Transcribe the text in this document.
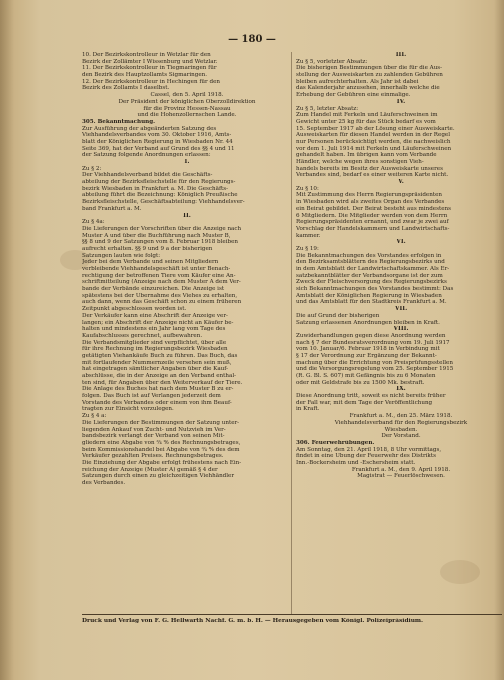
— 180 —
10. Der Bezirkskontrolleur in Wetzlar für den
Bezirk der Zollämter I Wissenburg und Wetzlar.
11. Der Bezirkskontrolleur in Tiegmaringen für
den Bezirk des Hauptzollamts Sigmaringen.
12. Der Bezirkskontrolleur in Hechingen für den
Bezirk des Zollamts I daselbst.
Cassel, den 5. April 1918.
Der Präsident der königlichen Oberzolldirektion
für die Provinz Hessen-Nassau
und die Hohenzollernschen Lande.
305. Bekanntmachung.
Zur Ausführung der abgeänderten Satzung des
Viehhandelsverbandes vom 30. Oktober 1916, Amts-
blatt der Königlichen Regierung in Wiesbaden Nr. 44
Seite 369, hat der Verband auf Grund des §§ 4 und 11
der Satzung folgende Anordnungen erlassen:
I.
Zu § 2:
Der Viehhandelsverband bildet die Geschäfts-
abteilung der Bezirksfleischstelle für den Regierungs-
bezirk Wiesbaden in Frankfurt a. M. Die Geschäfts-
abteilung führt die Bezeichnung: Königlich Preußische
Bezirksfleischstelle, Geschäftsabteilung: Viehhandelsver-
band Frankfurt a. M.
II.
Zu § 4a:
Die Lieferungen der Vorschriften über die Anzeige nach
Muster A und über die Buchführung nach Muster B,
§§ 8 und 9 der Satzungen vom 8. Februar 1918 bleiben
aufrecht erhalten. §§ 9 und 9 a der bisherigen
Satzungen lauten wie folgt:
Jeder bei dem Verbande und seinen Mitgliedern
verbleibende Viehhandelsgeschäft ist unter Benach-
rechtigung der betroffenen Tiere vom Käufer eine An-
schriftmitteilung (Anzeige nach dem Muster A dem Ver-
bande der Verbände einzureichen. Die Anzeige ist
spätestens bei der Übernahme des Viehes zu erhalten,
auch dann, wenn das Geschäft schon zu einem früheren
Zeitpunkt abgeschlossen worden ist.
Der Verkäufer kann eine Abschrift der Anzeige ver-
langen; ein Abschrift der Anzeige nicht an Käufer be-
halten und mindestens ein Jahr lang vom Tage des
Kaufabschlusses gerechnet, aufbewahren.
Die Verbandsmitglieder sind verpflichtet, über alle
für ihre Rechnung im Regierungsbezirk Wiesbaden
getätigten Viehankäufe Buch zu führen. Das Buch, das
mit fortlaufender Nummernzeile versehen sein muß,
hat eingetragen sämtlicher Angaben über die Kauf-
abschlüsse, die in der Anzeige an den Verband enthal-
ten sind, für Angaben über den Weiterverkauf der Tiere.
Die Anlage des Buches hat nach dem Muster B zu er-
folgen. Das Buch ist auf Verlangen jederzeit dem
Vorstande des Verbandes oder einem von ihm Beauf-
tragten zur Einsicht vorzulegen.
Zu § 4 a:
Die Lieferungen der Bestimmungen der Satzung unter-
liegenden Ankauf von Zucht- und Nutzvieh im Ver-
bandsbezirk verlangt der Verband von seinen Mit-
gliedern eine Abgabe von ¾ % des Rechnungsbetrages,
beim Kommissionshandel bei Abgabe von ¾ % des dem
Verkäufer gezahlten Preises. Rechnungsbetrages.
Die Einziehung der Abgabe erfolgt frühestens nach Ein-
reichung der Anzeige (Muster A) gemäß § 4 der
Satzungen durch einen zu gleichzeitigen Viehhändler
des Verbandes.
III.
Zu § 5, vorletzter Absatz:
Die bisherigen Bestimmungen über die für die Aus-
stellung der Ausweiskarten zu zahlenden Gebühren
bleiben aufrechterhalten. Als Jahr ist dabei
das Kalenderjahr anzusehen, innerhalb welche die
Erhebung der Gebühren eine einmalige.
IV.
Zu § 5, letzter Absatz:
Zum Handel mit Ferkeln und Läuferschweinen im
Gewicht unter 25 kg für das Stück bedarf es vom
15. September 1917 ab der Lösung einer Ausweiskarte.
Ausweiskarten für diesen Handel werden in der Regel
nur Personen berücksichtigt werden, die nachweislich
vor dem 1. Juli 1914 mit Ferkeln und Läuferschweinen
gehandelt haben. Im übrigen kann vom Verbande
Händler, welche wegen ihres sonstigen Vieh-
handels bereits im Besitz der Ausweiskarte unseres
Verbandes sind, bedarf es einer weiteren Karte nicht.
V.
Zu § 10:
Mit Zustimmung des Herrn Regierungspräsidenten
in Wiesbaden wird als zweites Organ des Verbandes
ein Beirat gebildet. Der Beirat besteht aus mindestens
6 Mitgliedern. Die Mitglieder werden von dem Herrn
Regierungspräsidenten ernannt, und zwar je zwei auf
Vorschlag der Handelskammern und Landwirtschafts-
kammer.
VI.
Zu § 19:
Die Bekanntmachungen des Vorstandes erfolgen in
den Bezirksamtsblättern des Regierungsbezirks und
in dem Amtsblatt der Landwirtschaftskammer. Als Er-
satzbekanntblätter der Verbandsorgane ist der zum
Zweck der Fleischversorgung des Regierungsbezirks
sich Bekanntmachungen des Vorstandes bestimmt: Das
Amtsblatt der Königlichen Regierung in Wiesbaden
und das Amtsblatt für den Stadtkreis Frankfurt a. M.
VII.
Die auf Grund der bisherigen
Satzung erlassenen Anordnungen bleiben in Kraft.
VIII.
Zuwiderhandlungen gegen diese Anordnung werden
nach § 7 der Bundesratsverordnung vom 19. Juli 1917
vom 10. Januar/6. Februar 1918 in Verbindung mit
§ 17 der Verordnung zur Ergänzung der Bekannt-
machung über die Errichtung von Preisprüfungsstellen
und die Versorgungsregelung vom 25. September 1915
(R. G. Bl. S. 607) mit Gefängnis bis zu 6 Monaten
oder mit Geldstrafe bis zu 1500 Mk. bestraft.
IX.
Diese Anordnung tritt, soweit es nicht bereits früher
der Fall war, mit dem Tage der Veröffentlichung
in Kraft.
Frankfurt a. M., den 25. März 1918.
Viehhandelsverband für den Regierungsbezirk
Wiesbaden.
Der Vorstand.
306. Feuerwehrübungen.
Am Sonntag, den 21. April 1918, 8 Uhr vormittags,
findet in eine Übung der Feuerwehr des Distrikts
Inn.-Bockersheim und -Eschersheim statt.
Frankfurt a. M., den 9. April 1918.
Magistrat — Feuerlöschwesen.
Druck und Verlag von F. G. Hellwarth Nachf. G. m. b. H. — Herausgegeben vom Königl. Polizeipräsidium.
